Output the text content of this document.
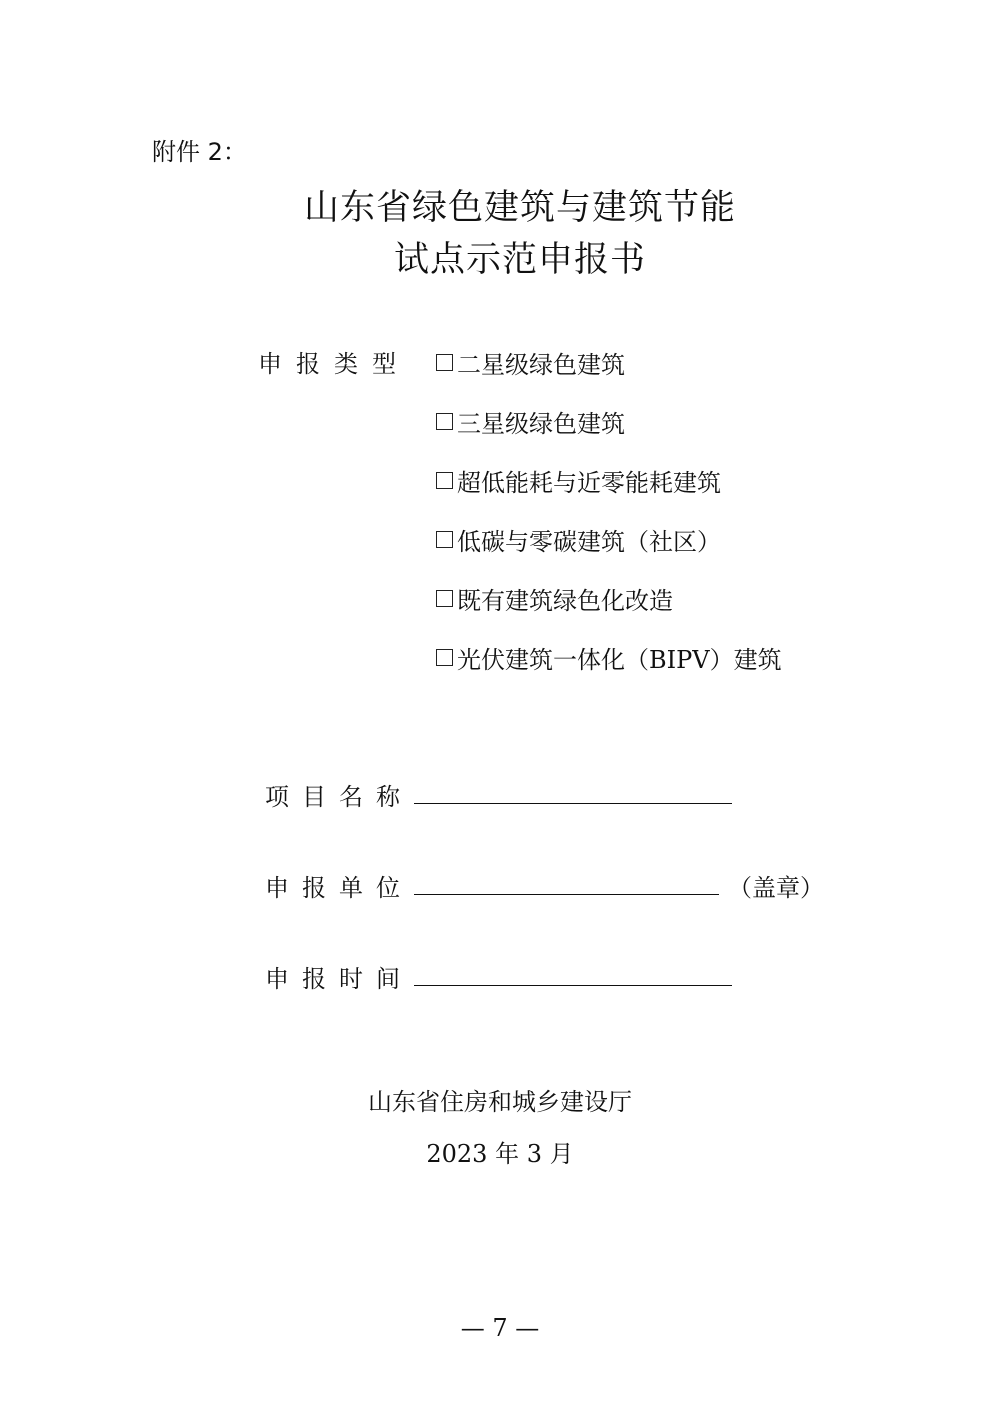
附件 2：
山东省绿色建筑与建筑节能
试点示范申报书
申报类型 二星级绿色建筑
三星级绿色建筑
超低能耗与近零能耗建筑
低碳与零碳建筑（社区）
既有建筑绿色化改造
光伏建筑一体化（BIPV）建筑
项目名称
申报单位	（盖章）
申报时间
山东省住房和城乡建设厅
2023 年 3 月
— 7 —
